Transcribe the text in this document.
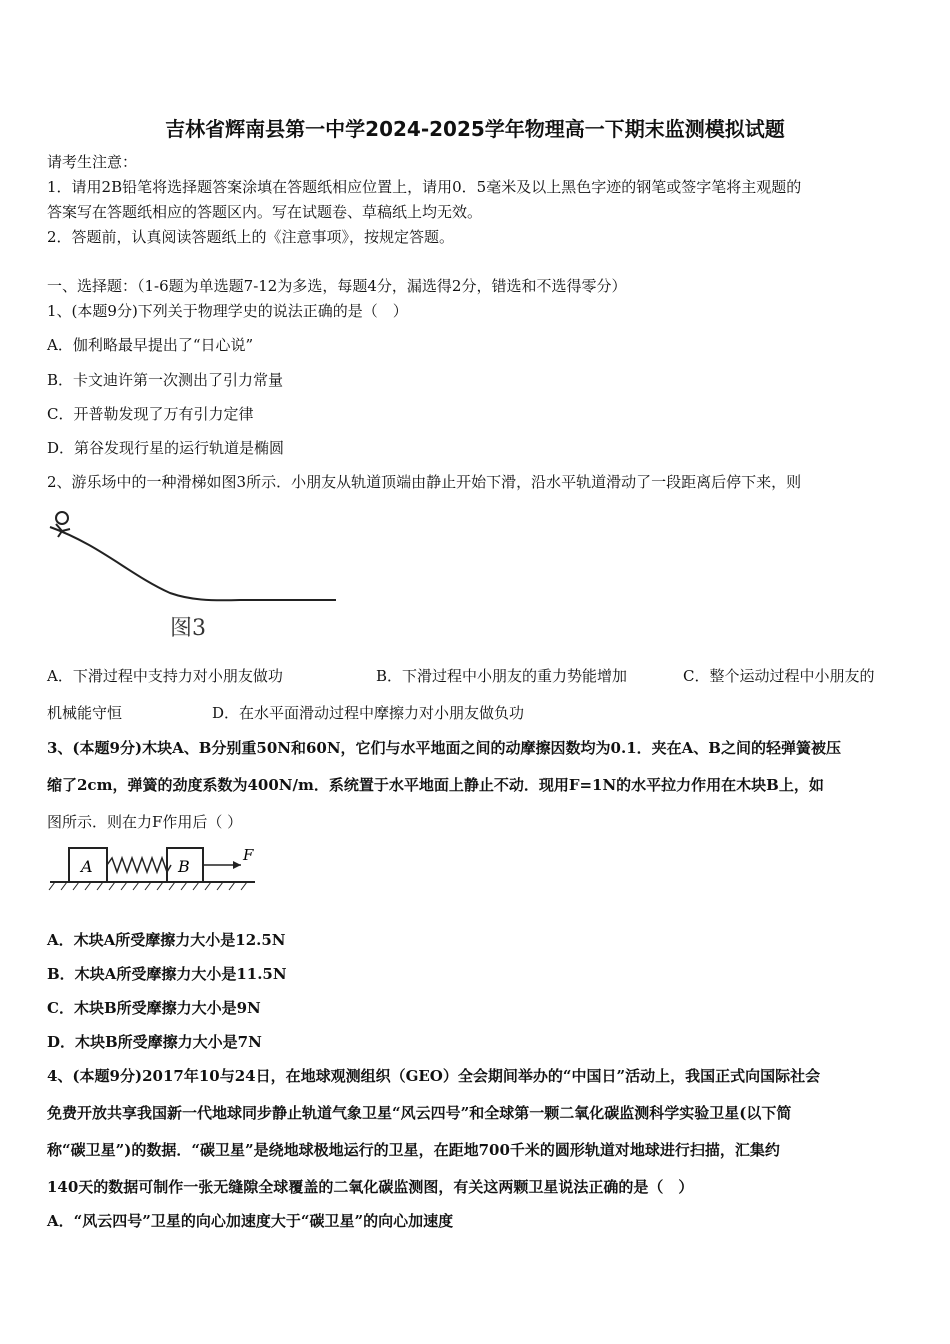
吉林省辉南县第一中学2024-2025学年物理高一下期末监测模拟试题
请考生注意：
1．请用2B铅笔将选择题答案涂填在答题纸相应位置上，请用0．5毫米及以上黑色字迹的钢笔或签字笔将主观题的
答案写在答题纸相应的答题区内。写在试题卷、草稿纸上均无效。
2．答题前，认真阅读答题纸上的《注意事项》，按规定答题。
一、选择题：（1-6题为单选题7-12为多选，每题4分，漏选得2分，错选和不选得零分）
1、(本题9分)下列关于物理学史的说法正确的是（　）
A．伽利略最早提出了“日心说”
B．卡文迪许第一次测出了引力常量
C．开普勒发现了万有引力定律
D．第谷发现行星的运行轨道是椭圆
2、游乐场中的一种滑梯如图3所示．小朋友从轨道顶端由静止开始下滑，沿水平轨道滑动了一段距离后停下来，则
图3
A．下滑过程中支持力对小朋友做功	B．下滑过程中小朋友的重力势能增加	C．整个运动过程中小朋友的
机械能守恒	D．在水平面滑动过程中摩擦力对小朋友做负功
3、(本题9分)木块A、B分别重50N和60N，它们与水平地面之间的动摩擦因数均为0.1．夹在A、B之间的轻弹簧被压
缩了2cm，弹簧的劲度系数为400N/m．系统置于水平地面上静止不动．现用F=1N的水平拉力作用在木块B上，如
图所示．则在力F作用后（ ）
A	B
F
A．木块A所受摩擦力大小是12.5N
B．木块A所受摩擦力大小是11.5N
C．木块B所受摩擦力大小是9N
D．木块B所受摩擦力大小是7N
4、(本题9分)2017年10与24日，在地球观测组织（GEO）全会期间举办的“中国日”活动上，我国正式向国际社会
免费开放共享我国新一代地球同步静止轨道气象卫星“风云四号”和全球第一颗二氧化碳监测科学实验卫星(以下简
称“碳卫星”)的数据．“碳卫星”是绕地球极地运行的卫星，在距地700千米的圆形轨道对地球进行扫描，汇集约
140天的数据可制作一张无缝隙全球覆盖的二氧化碳监测图，有关这两颗卫星说法正确的是（　）
A．“风云四号”卫星的向心加速度大于“碳卫星”的向心加速度
